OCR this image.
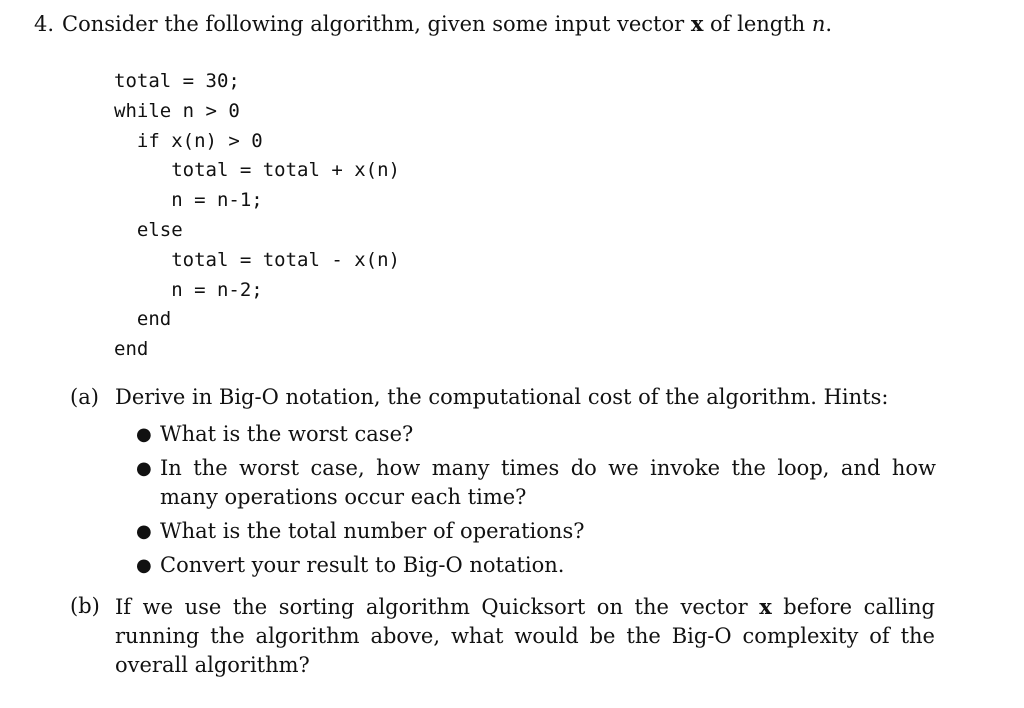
4. Consider the following algorithm, given some input vector x of length n.
total = 30;
while n > 0
if x(n) > 0
total = total + x(n)
n = n-1;
else
total = total - x(n)
n = n-2;
end
end
(a) Derive in Big-O notation, the computational cost of the algorithm. Hints:
● What is the worst case?
● In the worst case, how many times do we invoke the loop, and how many operations occur each time?
● What is the total number of operations?
● Convert your result to Big-O notation.
(b) If we use the sorting algorithm Quicksort on the vector x before calling running the algorithm above, what would be the Big-O complexity of the overall algorithm?
